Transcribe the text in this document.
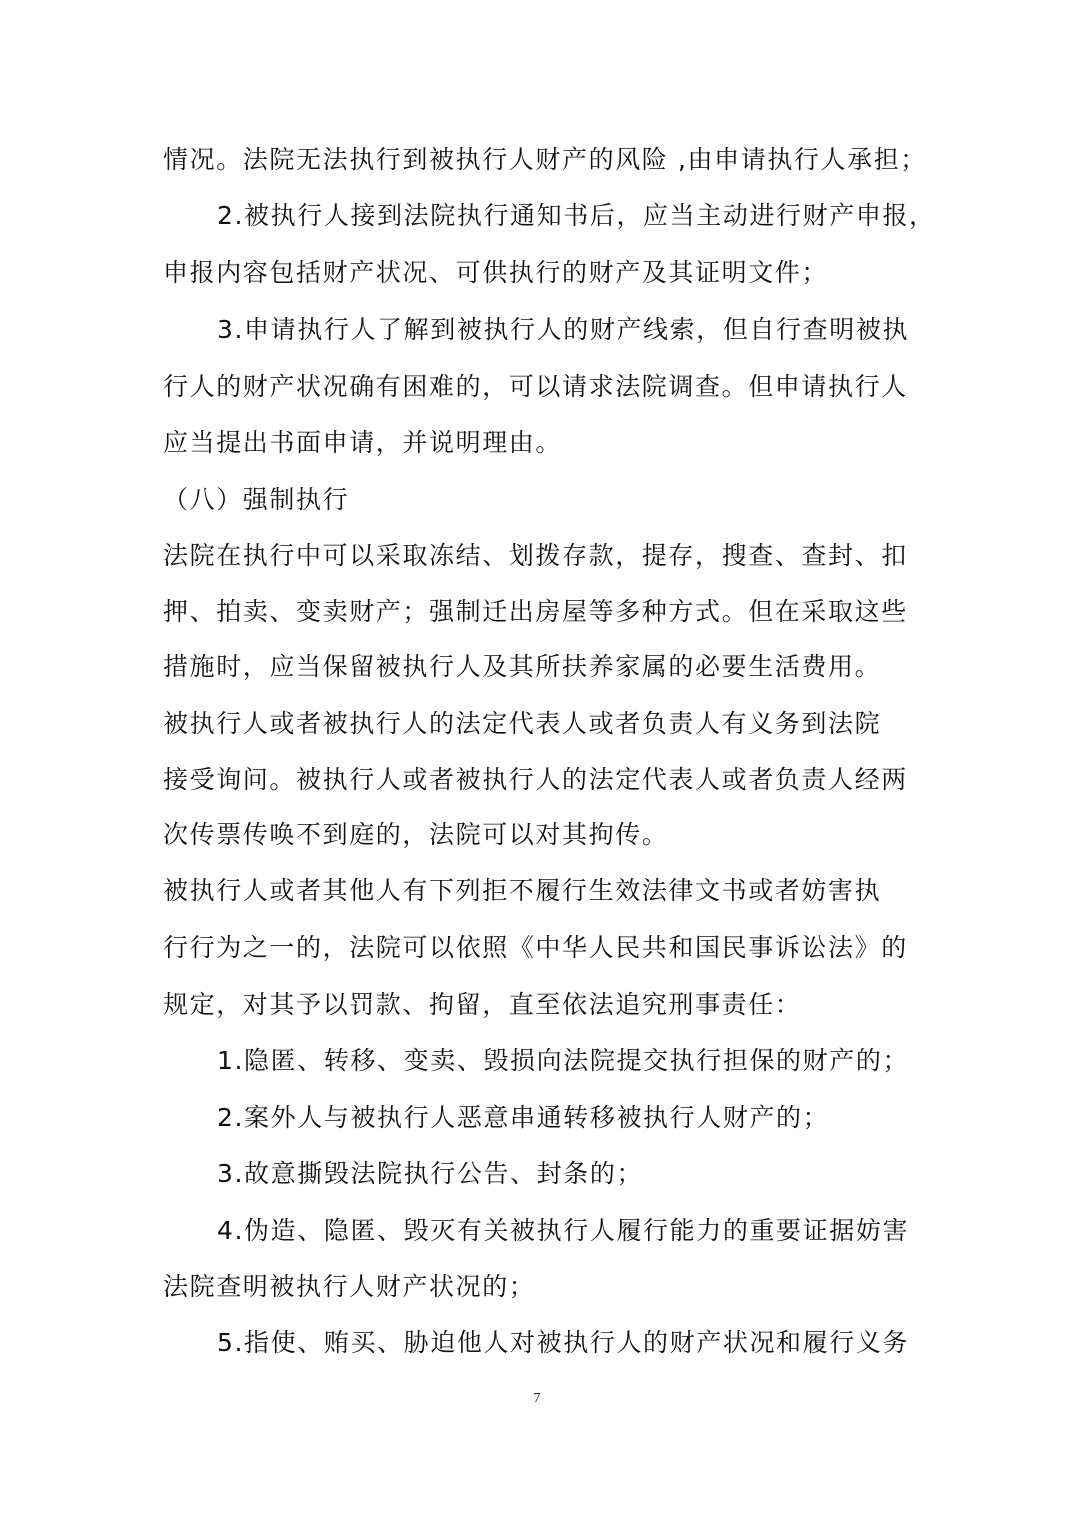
情况。法院无法执行到被执行人财产的风险 ,由申请执行人承担；
2.被执行人接到法院执行通知书后，应当主动进行财产申报，
申报内容包括财产状况、可供执行的财产及其证明文件；
3.申请执行人了解到被执行人的财产线索，但自行查明被执
行人的财产状况确有困难的，可以请求法院调查。但申请执行人
应当提出书面申请，并说明理由。
（八）强制执行
法院在执行中可以采取冻结、划拨存款，提存，搜查、查封、扣
押、拍卖、变卖财产；强制迁出房屋等多种方式。但在采取这些
措施时，应当保留被执行人及其所扶养家属的必要生活费用。
被执行人或者被执行人的法定代表人或者负责人有义务到法院
接受询问。被执行人或者被执行人的法定代表人或者负责人经两
次传票传唤不到庭的，法院可以对其拘传。
被执行人或者其他人有下列拒不履行生效法律文书或者妨害执
行行为之一的，法院可以依照《中华人民共和国民事诉讼法》的
规定，对其予以罚款、拘留，直至依法追究刑事责任：
1.隐匿、转移、变卖、毁损向法院提交执行担保的财产的；
2.案外人与被执行人恶意串通转移被执行人财产的；
3.故意撕毁法院执行公告、封条的；
4.伪造、隐匿、毁灭有关被执行人履行能力的重要证据妨害
法院查明被执行人财产状况的；
5.指使、贿买、胁迫他人对被执行人的财产状况和履行义务
7
